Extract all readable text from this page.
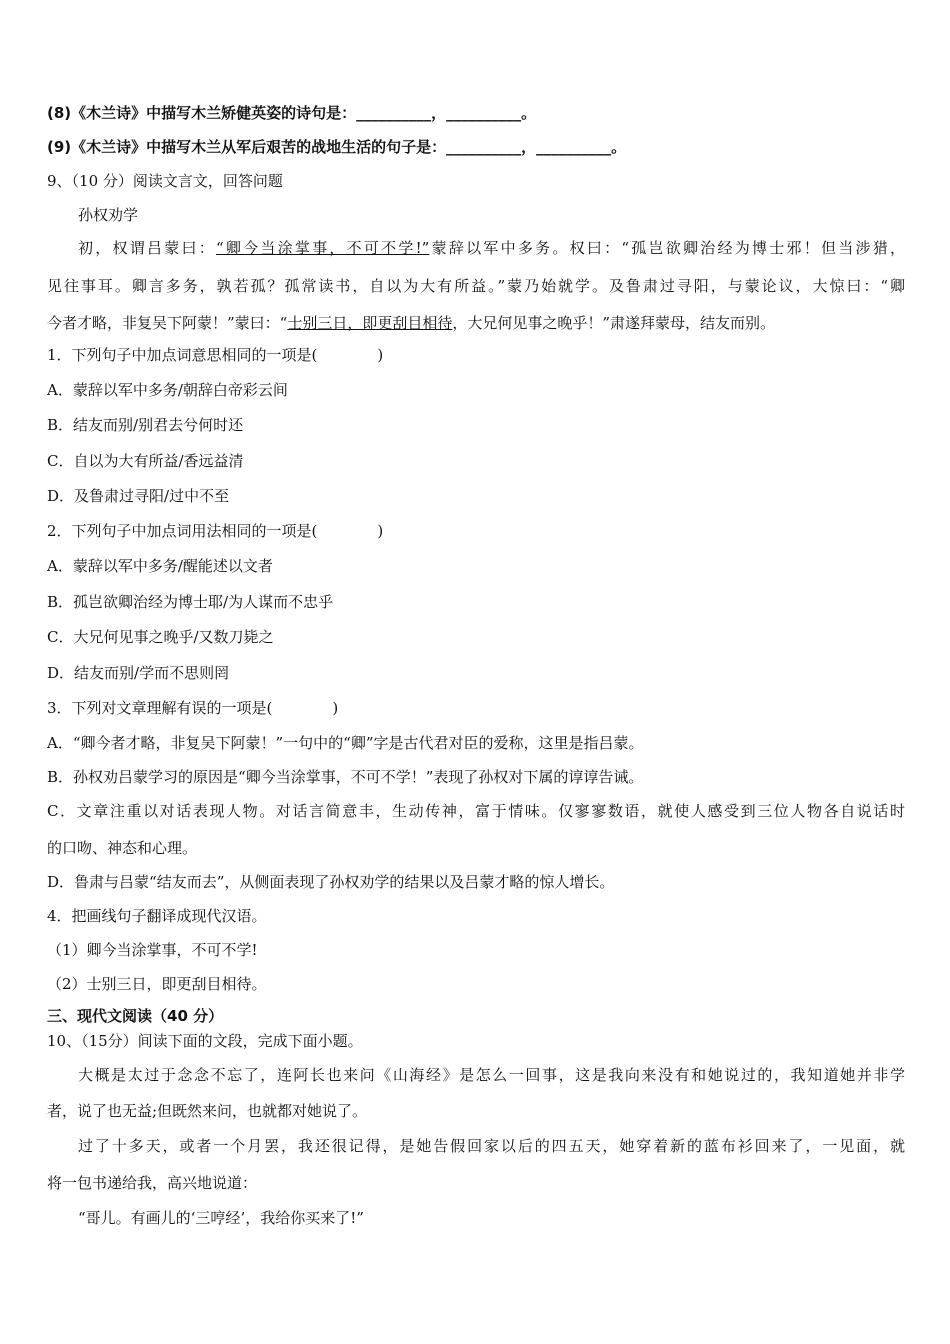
(8)《木兰诗》中描写木兰矫健英姿的诗句是：__________，__________。
(9)《木兰诗》中描写木兰从军后艰苦的战地生活的句子是：__________，__________。
9、（10 分）阅读文言文，回答问题
孙权劝学
初，权谓吕蒙曰：“卿今当涂掌事，不可不学!”蒙辞以军中多务。权曰：“孤岂欲卿治经为博士邪！但当涉猎，
见往事耳。卿言多务，孰若孤？孤常读书，自以为大有所益。”蒙乃始就学。及鲁肃过寻阳，与蒙论议，大惊曰：“卿
今者才略，非复吴下阿蒙！”蒙曰：“士别三日，即更刮目相待，大兄何见事之晚乎！”肃遂拜蒙母，结友而别。
1．下列句子中加点词意思相同的一项是(　　　　)
A．蒙辞以军中多务/朝辞白帝彩云间
B．结友而别/别君去兮何时还
C．自以为大有所益/香远益清
D．及鲁肃过寻阳/过中不至
2．下列句子中加点词用法相同的一项是(　　　　)
A．蒙辞以军中多务/醒能述以文者
B．孤岂欲卿治经为博士耶/为人谋而不忠乎
C．大兄何见事之晚乎/又数刀毙之
D．结友而别/学而不思则罔
3．下列对文章理解有误的一项是(　　　　)
A．“卿今者才略，非复吴下阿蒙！”一句中的“卿”字是古代君对臣的爱称，这里是指吕蒙。
B．孙权劝吕蒙学习的原因是“卿今当涂掌事，不可不学！”表现了孙权对下属的谆谆告诫。
C．文章注重以对话表现人物。对话言简意丰，生动传神，富于情味。仅寥寥数语，就使人感受到三位人物各自说话时
的口吻、神态和心理。
D．鲁肃与吕蒙“结友而去”，从侧面表现了孙权劝学的结果以及吕蒙才略的惊人增长。
4．把画线句子翻译成现代汉语。
（1）卿今当涂掌事，不可不学!
（2）士别三日，即更刮目相待。
三、现代文阅读（40 分）
10、（15分）间读下面的文段，完成下面小题。
大概是太过于念念不忘了，连阿长也来问《山海经》是怎么一回事，这是我向来没有和她说过的，我知道她并非学
者，说了也无益;但既然来问，也就都对她说了。
过了十多天，或者一个月罢，我还很记得，是她告假回家以后的四五天，她穿着新的蓝布衫回来了，一见面，就
将一包书递给我，高兴地说道：
“哥儿。有画儿的‘三哼经’，我给你买来了!”
